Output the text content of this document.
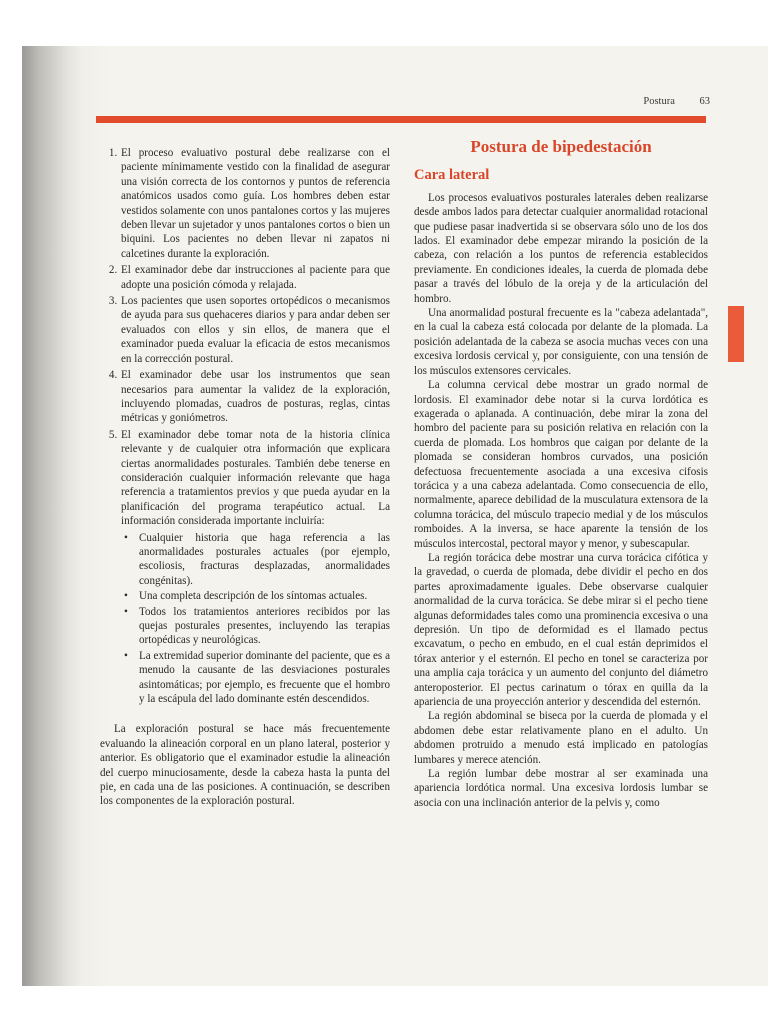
Postura 63
1. El proceso evaluativo postural debe realizarse con el paciente mínimamente vestido con la finalidad de asegurar una visión correcta de los contornos y puntos de referencia anatómicos usados como guía. Los hombres deben estar vestidos solamente con unos pantalones cortos y las mujeres deben llevar un sujetador y unos pantalones cortos o bien un biquini. Los pacientes no deben llevar ni zapatos ni calcetines durante la exploración.
2. El examinador debe dar instrucciones al paciente para que adopte una posición cómoda y relajada.
3. Los pacientes que usen soportes ortopédicos o mecanismos de ayuda para sus quehaceres diarios y para andar deben ser evaluados con ellos y sin ellos, de manera que el examinador pueda evaluar la eficacia de estos mecanismos en la corrección postural.
4. El examinador debe usar los instrumentos que sean necesarios para aumentar la validez de la exploración, incluyendo plomadas, cuadros de posturas, reglas, cintas métricas y goniómetros.
5. El examinador debe tomar nota de la historia clínica relevante y de cualquier otra información que explicara ciertas anormalidades posturales. También debe tenerse en consideración cualquier información relevante que haga referencia a tratamientos previos y que pueda ayudar en la planificación del programa terapéutico actual. La información considerada importante incluiría:
• Cualquier historia que haga referencia a las anormalidades posturales actuales (por ejemplo, escoliosis, fracturas desplazadas, anormalidades congénitas).
• Una completa descripción de los síntomas actuales.
• Todos los tratamientos anteriores recibidos por las quejas posturales presentes, incluyendo las terapias ortopédicas y neurológicas.
• La extremidad superior dominante del paciente, que es a menudo la causante de las desviaciones posturales asintomáticas; por ejemplo, es frecuente que el hombro y la escápula del lado dominante estén descendidos.

La exploración postural se hace más frecuentemente evaluando la alineación corporal en un plano lateral, posterior y anterior. Es obligatorio que el examinador estudie la alineación del cuerpo minuciosamente, desde la cabeza hasta la punta del pie, en cada una de las posiciones. A continuación, se describen los componentes de la exploración postural.

Postura de bipedestación
Cara lateral

Los procesos evaluativos posturales laterales deben realizarse desde ambos lados para detectar cualquier anormalidad rotacional que pudiese pasar inadvertida si se observara sólo uno de los dos lados. El examinador debe empezar mirando la posición de la cabeza, con relación a los puntos de referencia establecidos previamente. En condiciones ideales, la cuerda de plomada debe pasar a través del lóbulo de la oreja y de la articulación del hombro.

Una anormalidad postural frecuente es la "cabeza adelantada", en la cual la cabeza está colocada por delante de la plomada. La posición adelantada de la cabeza se asocia muchas veces con una excesiva lordosis cervical y, por consiguiente, con una tensión de los músculos extensores cervicales.

La columna cervical debe mostrar un grado normal de lordosis. El examinador debe notar si la curva lordótica es exagerada o aplanada. A continuación, debe mirar la zona del hombro del paciente para su posición relativa en relación con la cuerda de plomada. Los hombros que caigan por delante de la plomada se consideran hombros curvados, una posición defectuosa frecuentemente asociada a una excesiva cifosis torácica y a una cabeza adelantada. Como consecuencia de ello, normalmente, aparece debilidad de la musculatura extensora de la columna torácica, del músculo trapecio medial y de los músculos romboides. A la inversa, se hace aparente la tensión de los músculos intercostal, pectoral mayor y menor, y subescapular.

La región torácica debe mostrar una curva torácica cifótica y la gravedad, o cuerda de plomada, debe dividir el pecho en dos partes aproximadamente iguales. Debe observarse cualquier anormalidad de la curva torácica. Se debe mirar si el pecho tiene algunas deformidades tales como una prominencia excesiva o una depresión. Un tipo de deformidad es el llamado pectus excavatum, o pecho en embudo, en el cual están deprimidos el tórax anterior y el esternón. El pecho en tonel se caracteriza por una amplia caja torácica y un aumento del conjunto del diámetro anteroposterior. El pectus carinatum o tórax en quilla da la apariencia de una proyección anterior y descendida del esternón.

La región abdominal se biseca por la cuerda de plomada y el abdomen debe estar relativamente plano en el adulto. Un abdomen protruido a menudo está implicado en patologías lumbares y merece atención.

La región lumbar debe mostrar al ser examinada una apariencia lordótica normal. Una excesiva lordosis lumbar se asocia con una inclinación anterior de la pelvis y, como
